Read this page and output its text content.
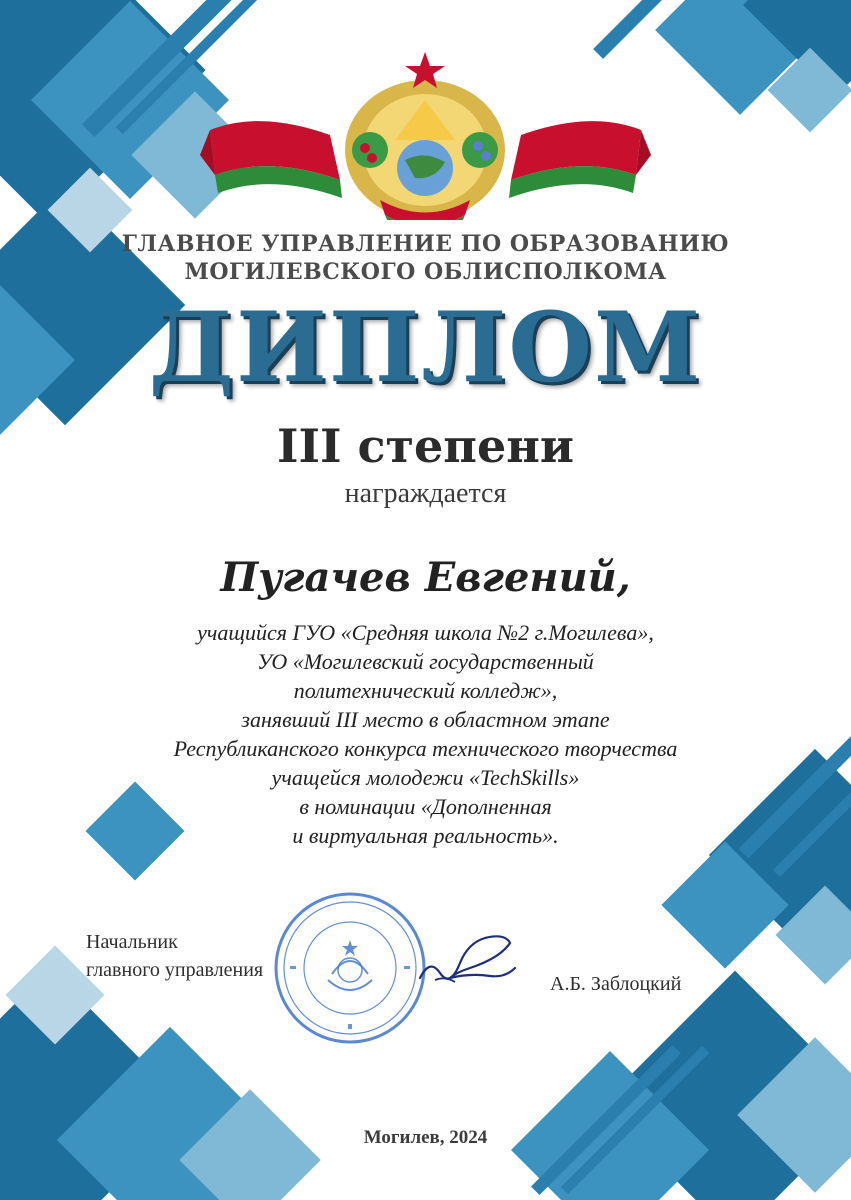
ГЛАВНОЕ УПРАВЛЕНИЕ ПО ОБРАЗОВАНИЮ
МОГИЛЕВСКОГО ОБЛИСПОЛКОМА
ДИПЛОМ
III степени
награждается
Пугачев Евгений,
учащийся ГУО «Средняя школа №2 г.Могилева»,
УО «Могилевский государственный
политехнический колледж»,
занявший III место в областном этапе
Республиканского конкурса технического творчества
учащейся молодежи «TechSkills»
в номинации «Дополненная
и виртуальная реальность».
Начальник
главного управления
А.Б. Заблоцкий
Могилев, 2024
